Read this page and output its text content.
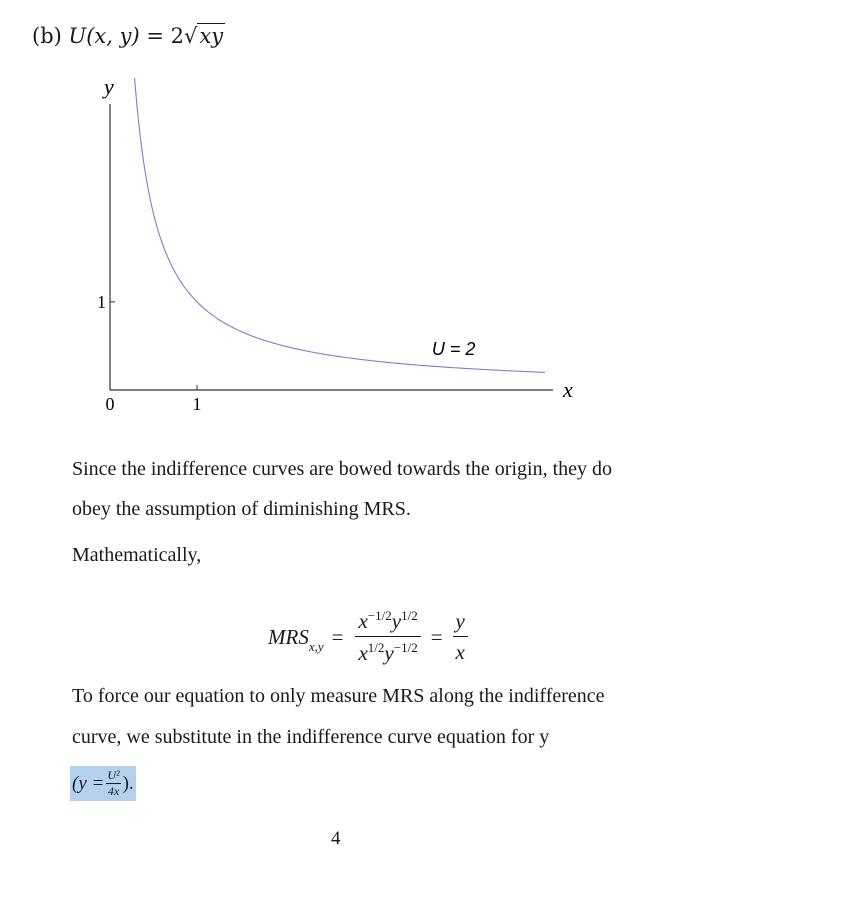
(b) U(x, y) = 2√xy
y
x
0	1
1
U = 2
Since the indifference curves are bowed towards the origin, they do
obey the assumption of diminishing MRS.
Mathematically,
$MRS_{x,y} = \frac{x^{-1/2}y^{1/2}}{x^{1/2}y^{-1/2}} = \frac{y}{x}$
To force our equation to only measure MRS along the indifference
curve, we substitute in the indifference curve equation for y
($y = \frac{\text{U²}}{4x}$ ).
4
